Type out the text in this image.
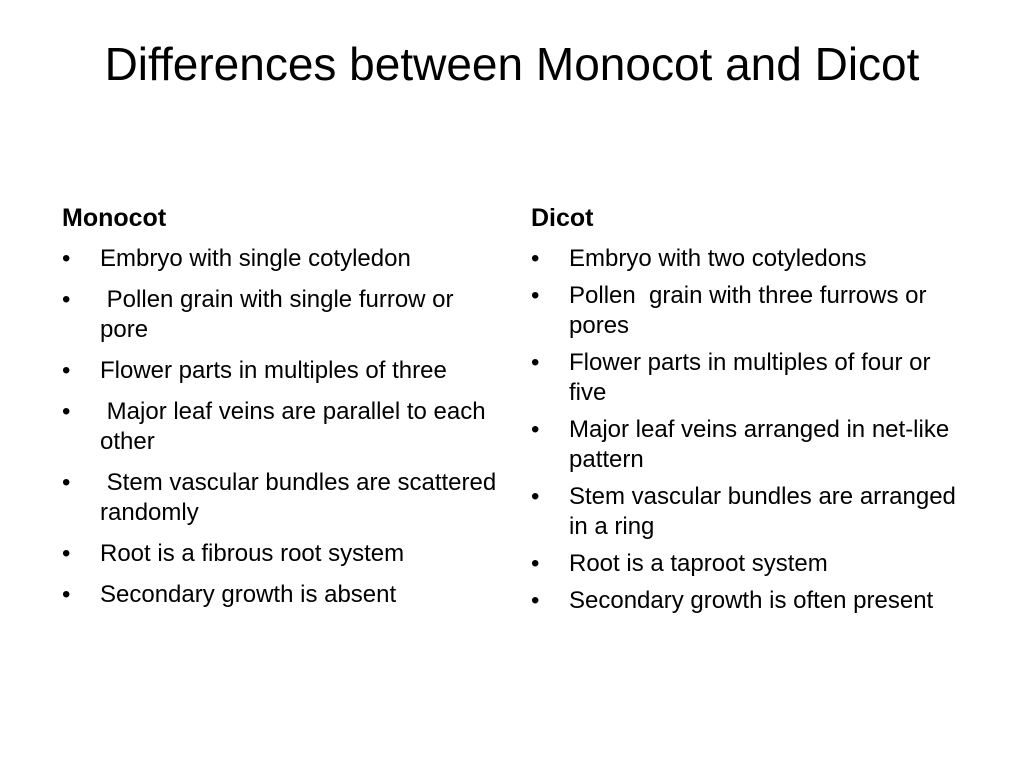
Differences between Monocot and Dicot
Monocot
•	Embryo with single cotyledon
•	Pollen grain with single furrow or pore
•	Flower parts in multiples of three
•	Major leaf veins are parallel to each other
•	Stem vascular bundles are scattered  randomly
•	Root is a fibrous root system
•	Secondary growth is absent
Dicot
•	Embryo with two cotyledons
•	Pollen  grain with three furrows or pores
•	Flower parts in multiples of four or five
•	Major leaf veins arranged in net-like pattern
•	Stem vascular bundles are arranged in a ring
•	Root is a taproot system
•	Secondary growth is often present
